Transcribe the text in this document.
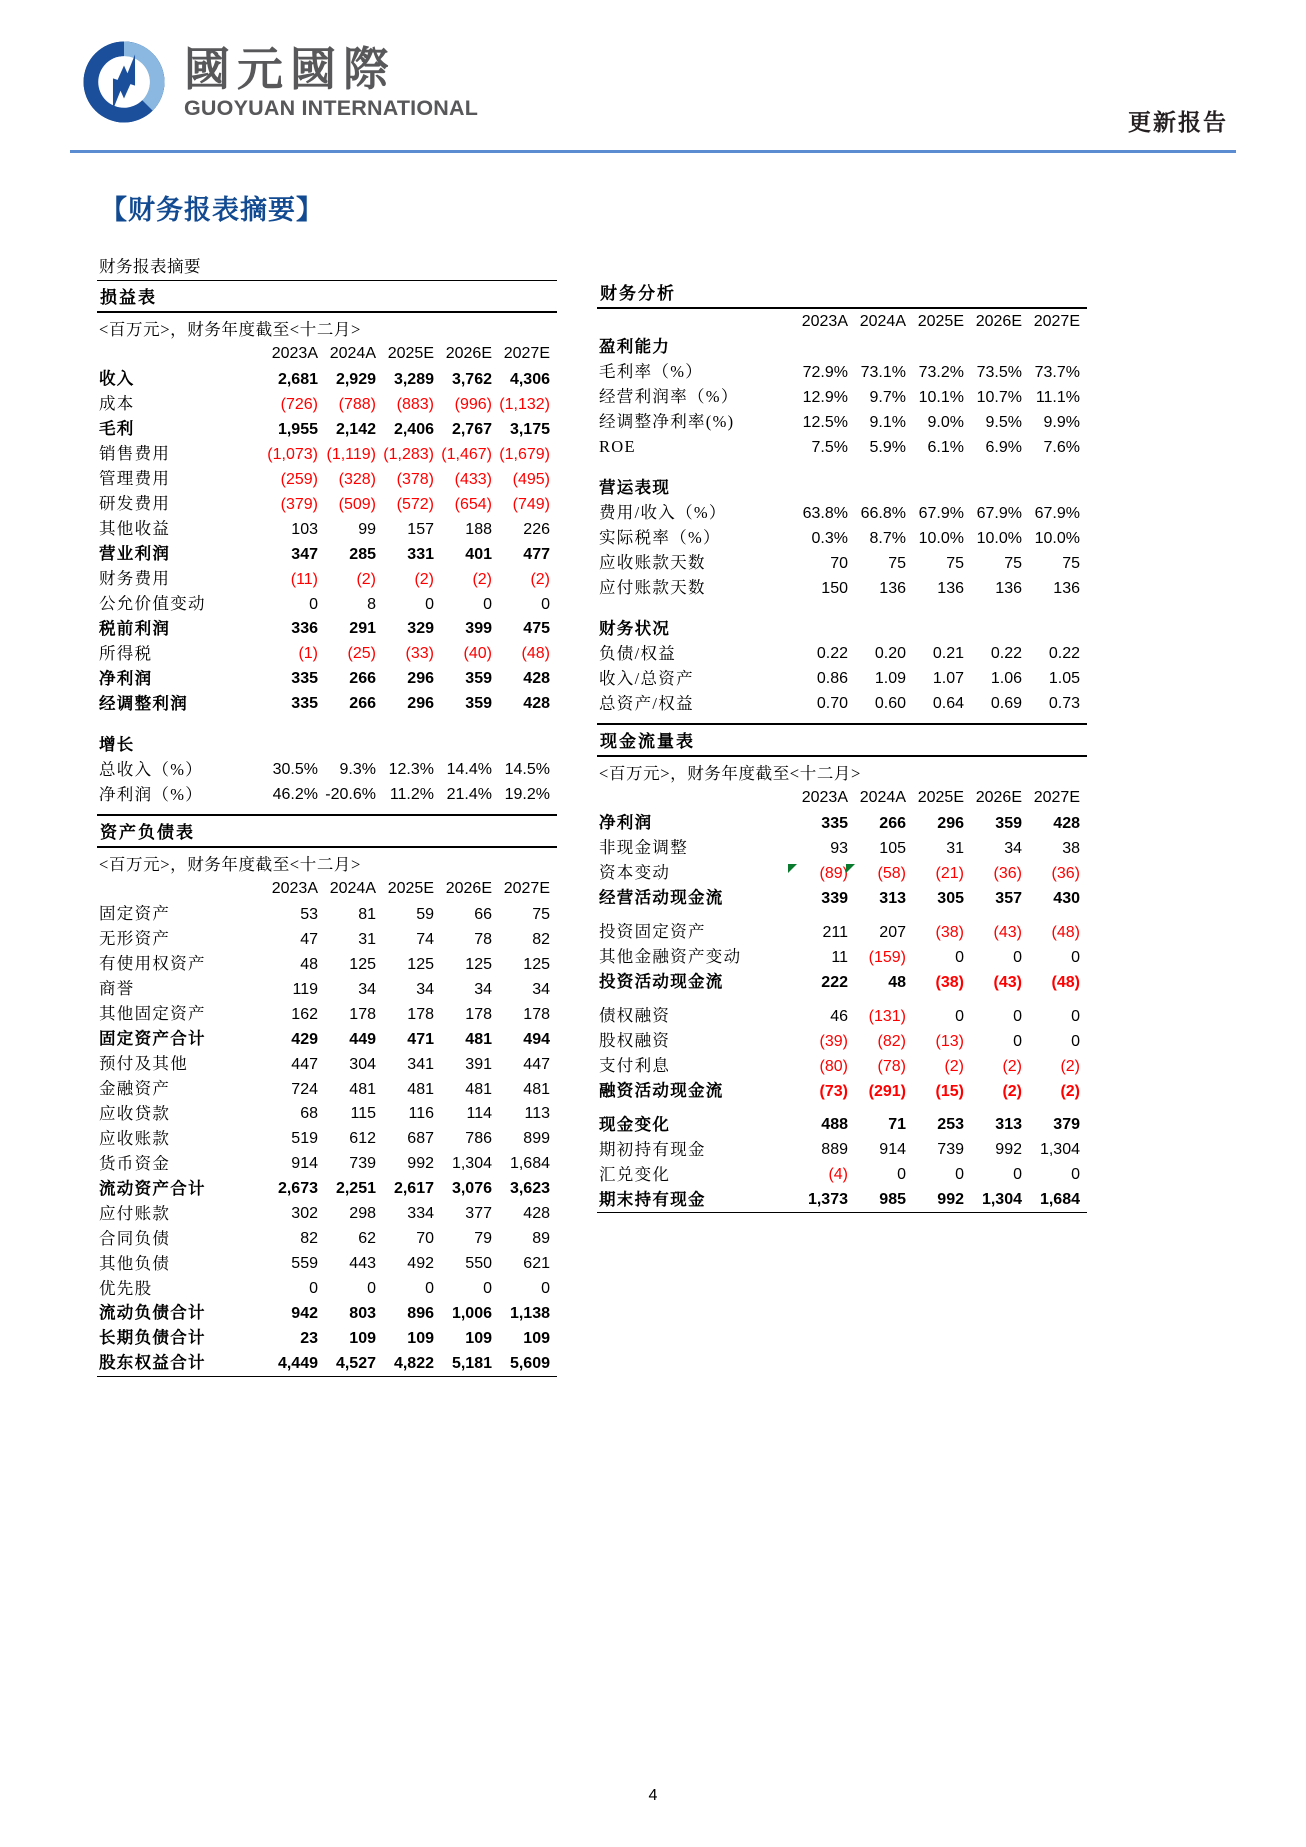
國元國際
GUOYUAN INTERNATIONAL
更新报告
【财务报表摘要】
财务报表摘要
损益表
<百万元>，财务年度截至<十二月>
	2023A	2024A	2025E	2026E	2027E
收入	2,681	2,929	3,289	3,762	4,306
成本	(726)	(788)	(883)	(996)	(1,132)
毛利	1,955	2,142	2,406	2,767	3,175
销售费用	(1,073)	(1,119)	(1,283)	(1,467)	(1,679)
管理费用	(259)	(328)	(378)	(433)	(495)
研发费用	(379)	(509)	(572)	(654)	(749)
其他收益	103	99	157	188	226
营业利润	347	285	331	401	477
财务费用	(11)	(2)	(2)	(2)	(2)
公允价值变动	0	8	0	0	0
税前利润	336	291	329	399	475
所得税	(1)	(25)	(33)	(40)	(48)
净利润	335	266	296	359	428
经调整利润	335	266	296	359	428

增长					
总收入（%）	30.5%	9.3%	12.3%	14.4%	14.5%
净利润（%）	46.2%	-20.6%	11.2%	21.4%	19.2%
资产负债表
<百万元>，财务年度截至<十二月>
	2023A	2024A	2025E	2026E	2027E
固定资产	53	81	59	66	75
无形资产	47	31	74	78	82
有使用权资产	48	125	125	125	125
商誉	119	34	34	34	34
其他固定资产	162	178	178	178	178
固定资产合计	429	449	471	481	494
预付及其他	447	304	341	391	447
金融资产	724	481	481	481	481
应收贷款	68	115	116	114	113
应收账款	519	612	687	786	899
货币资金	914	739	992	1,304	1,684
流动资产合计	2,673	2,251	2,617	3,076	3,623
应付账款	302	298	334	377	428
合同负债	82	62	70	79	89
其他负债	559	443	492	550	621
优先股	0	0	0	0	0
流动负债合计	942	803	896	1,006	1,138
长期负债合计	23	109	109	109	109
股东权益合计	4,449	4,527	4,822	5,181	5,609
财务分析
	2023A	2024A	2025E	2026E	2027E
盈利能力					
毛利率（%）	72.9%	73.1%	73.2%	73.5%	73.7%
经营利润率（%）	12.9%	9.7%	10.1%	10.7%	11.1%
经调整净利率(%)	12.5%	9.1%	9.0%	9.5%	9.9%
ROE	7.5%	5.9%	6.1%	6.9%	7.6%

营运表现					
费用/收入（%）	63.8%	66.8%	67.9%	67.9%	67.9%
实际税率（%）	0.3%	8.7%	10.0%	10.0%	10.0%
应收账款天数	70	75	75	75	75
应付账款天数	150	136	136	136	136

财务状况					
负债/权益	0.22	0.20	0.21	0.22	0.22
收入/总资产	0.86	1.09	1.07	1.06	1.05
总资产/权益	0.70	0.60	0.64	0.69	0.73
现金流量表
<百万元>，财务年度截至<十二月>
	2023A	2024A	2025E	2026E	2027E
净利润	335	266	296	359	428
非现金调整	93	105	31	34	38
资本变动	(89)	(58)	(21)	(36)	(36)
经营活动现金流	339	313	305	357	430

投资固定资产	211	207	(38)	(43)	(48)
其他金融资产变动	11	(159)	0	0	0
投资活动现金流	222	48	(38)	(43)	(48)

债权融资	46	(131)	0	0	0
股权融资	(39)	(82)	(13)	0	0
支付利息	(80)	(78)	(2)	(2)	(2)
融资活动现金流	(73)	(291)	(15)	(2)	(2)

现金变化	488	71	253	313	379
期初持有现金	889	914	739	992	1,304
汇兑变化	(4)	0	0	0	0
期末持有现金	1,373	985	992	1,304	1,684
4
